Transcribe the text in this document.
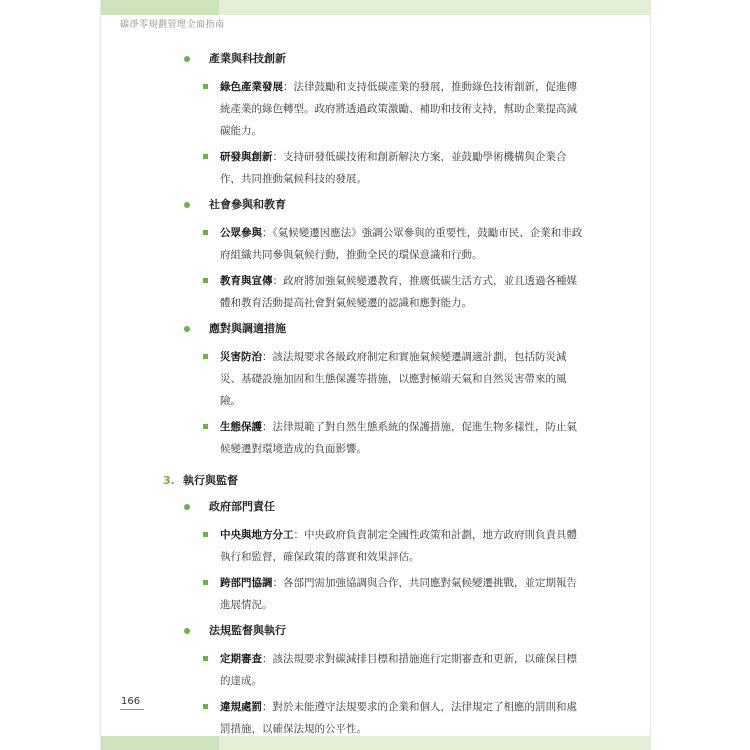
碳淨零規劃管理全面指南
產業與科技創新
綠色產業發展：法律鼓勵和支持低碳產業的發展，推動綠色技術創新，促進傳統產業的綠色轉型。政府將透過政策激勵、補助和技術支持，幫助企業提高減碳能力。
研發與創新：支持研發低碳技術和創新解決方案，並鼓勵學術機構與企業合作，共同推動氣候科技的發展。
社會參與和教育
公眾參與：《氣候變遷因應法》強調公眾參與的重要性，鼓勵市民、企業和非政府組織共同參與氣候行動，推動全民的環保意識和行動。
教育與宣傳：政府將加強氣候變遷教育，推廣低碳生活方式，並且透過各種媒體和教育活動提高社會對氣候變遷的認識和應對能力。
應對與調適措施
災害防治：該法規要求各級政府制定和實施氣候變遷調適計劃，包括防災減災、基礎設施加固和生態保護等措施，以應對極端天氣和自然災害帶來的風險。
生態保護：法律規範了對自然生態系統的保護措施，促進生物多樣性，防止氣候變遷對環境造成的負面影響。
3. 執行與監督
政府部門責任
中央與地方分工：中央政府負責制定全國性政策和計劃，地方政府則負責具體執行和監督，確保政策的落實和效果評估。
跨部門協調：各部門需加強協調與合作，共同應對氣候變遷挑戰，並定期報告進展情況。
法規監督與執行
定期審查：該法規要求對碳減排目標和措施進行定期審查和更新，以確保目標的達成。
違規處罰：對於未能遵守法規要求的企業和個人，法律規定了相應的罰則和處罰措施，以確保法規的公平性。
166
